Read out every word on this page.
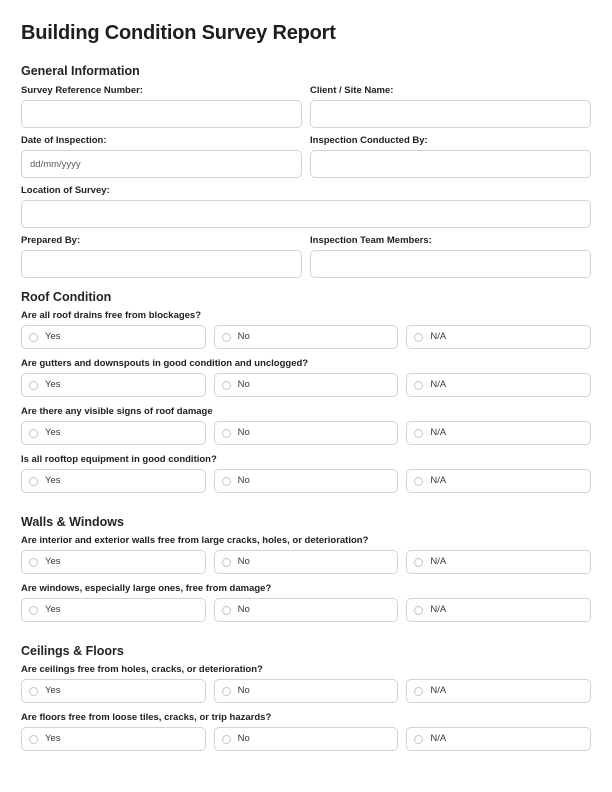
Building Condition Survey Report
General Information
Survey Reference Number:	Client / Site Name:
Date of Inspection:
dd/mm/yyyy	Inspection Conducted By:
Location of Survey:
Prepared By:	Inspection Team Members:
Roof Condition
Are all roof drains free from blockages?
Yes	No	N/A
Are gutters and downspouts in good condition and unclogged?
Yes	No	N/A
Are there any visible signs of roof damage
Yes	No	N/A
Is all rooftop equipment in good condition?
Yes	No	N/A
Walls & Windows
Are interior and exterior walls free from large cracks, holes, or deterioration?
Yes	No	N/A
Are windows, especially large ones, free from damage?
Yes	No	N/A
Ceilings & Floors
Are ceilings free from holes, cracks, or deterioration?
Yes	No	N/A
Are floors free from loose tiles, cracks, or trip hazards?
Yes	No	N/A
